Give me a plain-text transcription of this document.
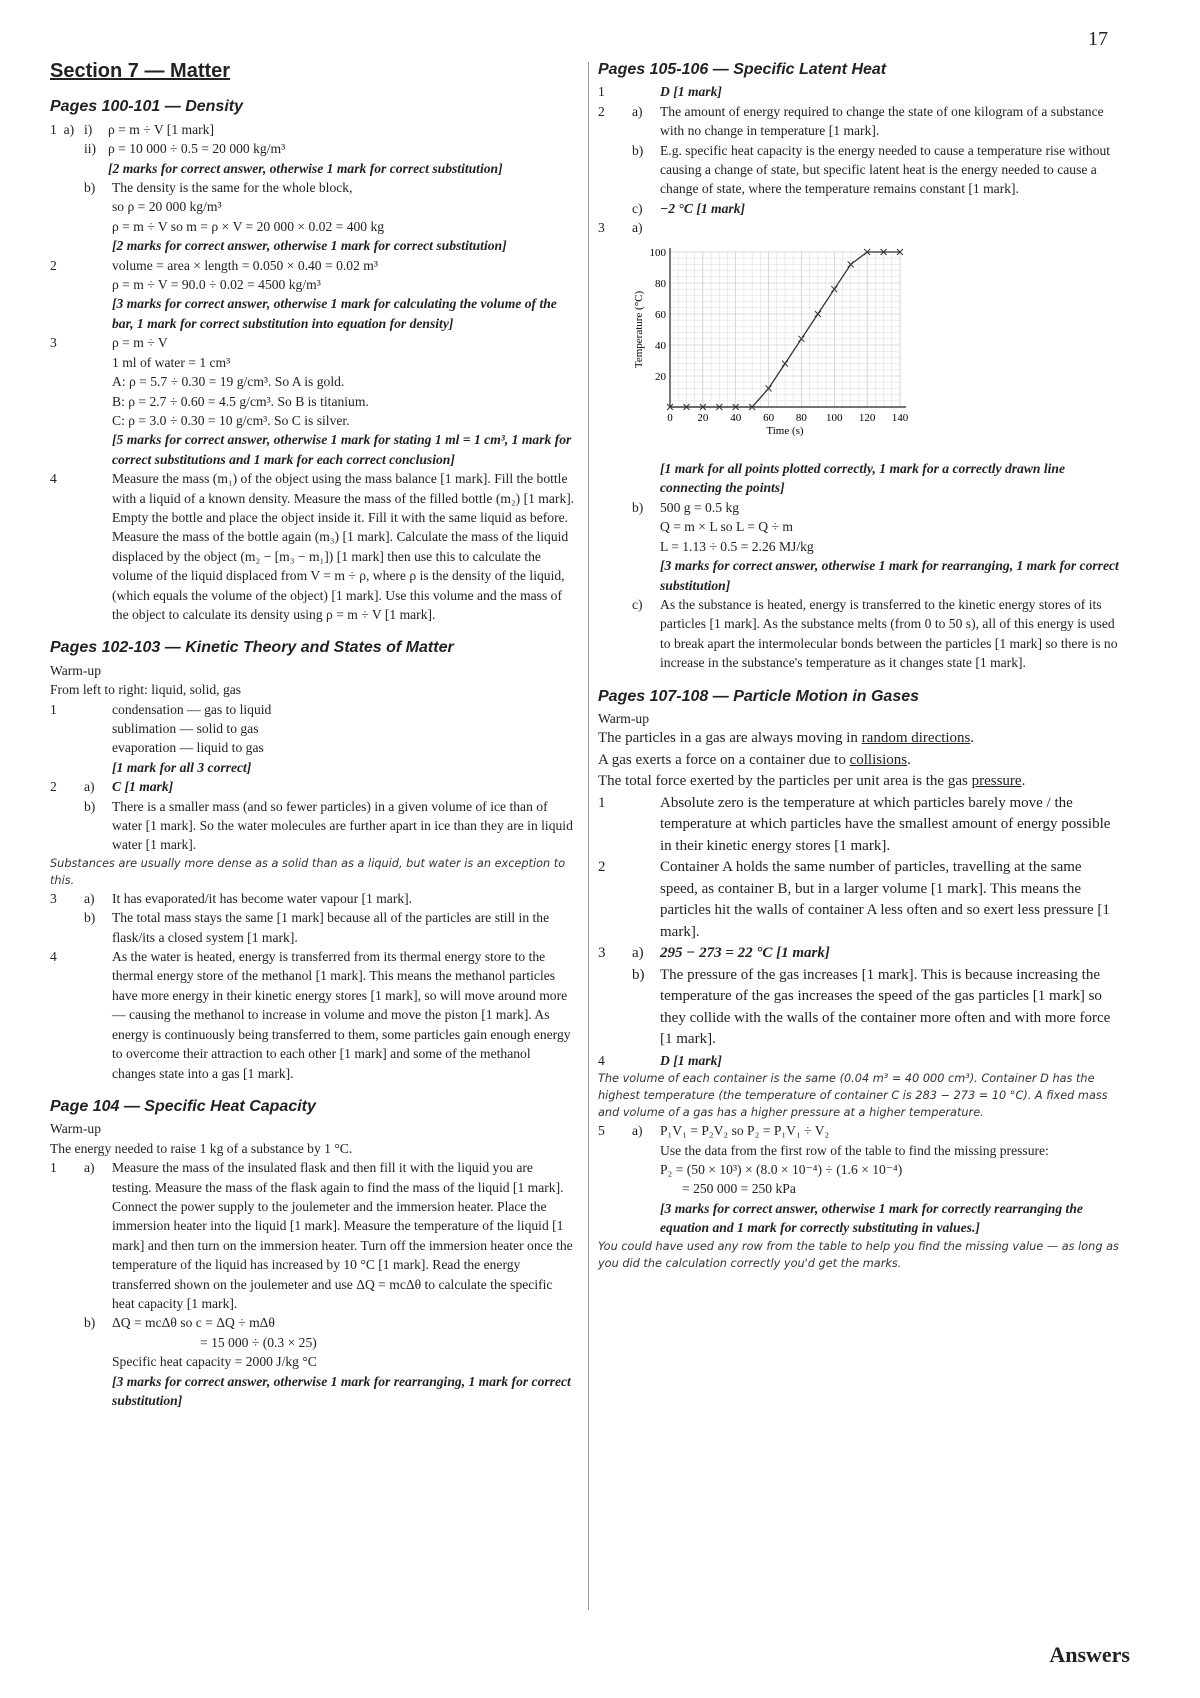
17
Section 7 — Matter
Pages 100-101 — Density
1 a) i)	ρ = m ÷ V [1 mark]
ii) ρ = 10 000 ÷ 0.5 = 20 000 kg/m³
[2 marks for correct answer, otherwise 1 mark for correct substitution]
b)	The density is the same for the whole block,
so ρ = 20 000 kg/m³
ρ = m ÷ V so m = ρ × V = 20 000 × 0.02 = 400 kg
[2 marks for correct answer, otherwise 1 mark for correct substitution]
2	volume = area × length = 0.050 × 0.40 = 0.02 m³
ρ = m ÷ V = 90.0 ÷ 0.02 = 4500 kg/m³
[3 marks for correct answer, otherwise 1 mark for calculating the volume of the bar, 1 mark for correct substitution into equation for density]
3	ρ = m ÷ V
1 ml of water = 1 cm³
A: ρ = 5.7 ÷ 0.30 = 19 g/cm³. So A is gold.
B: ρ = 2.7 ÷ 0.60 = 4.5 g/cm³. So B is titanium.
C: ρ = 3.0 ÷ 0.30 = 10 g/cm³. So C is silver.
[5 marks for correct answer, otherwise 1 mark for stating 1 ml = 1 cm³, 1 mark for correct substitutions and 1 mark for each correct conclusion]
4	Measure the mass (m₁) of the object using the mass balance [1 mark]. Fill the bottle with a liquid of a known density. Measure the mass of the filled bottle (m₂) [1 mark]. Empty the bottle and place the object inside it. Fill it with the same liquid as before. Measure the mass of the bottle again (m₃) [1 mark]. Calculate the mass of the liquid displaced by the object (m₂ − [m₃ − m₁]) [1 mark] then use this to calculate the volume of the liquid displaced from V = m ÷ ρ, where ρ is the density of the liquid, (which equals the volume of the object) [1 mark]. Use this volume and the mass of the object to calculate its density using ρ = m ÷ V [1 mark].
Pages 102-103 — Kinetic Theory and States of Matter
Warm-up
From left to right: liquid, solid, gas
1	condensation — gas to liquid
sublimation — solid to gas
evaporation — liquid to gas
[1 mark for all 3 correct]
2	a)	C [1 mark]
b)	There is a smaller mass (and so fewer particles) in a given volume of ice than of water [1 mark]. So the water molecules are further apart in ice than they are in liquid water [1 mark].
Substances are usually more dense as a solid than as a liquid, but water is an exception to this.
3	a)	It has evaporated/it has become water vapour [1 mark].
b)	The total mass stays the same [1 mark] because all of the particles are still in the flask/its a closed system [1 mark].
4	As the water is heated, energy is transferred from its thermal energy store to the thermal energy store of the methanol [1 mark]. This means the methanol particles have more energy in their kinetic energy stores [1 mark], so will move around more — causing the methanol to increase in volume and move the piston [1 mark]. As energy is continuously being transferred to them, some particles gain enough energy to overcome their attraction to each other [1 mark] and some of the methanol changes state into a gas [1 mark].
Page 104 — Specific Heat Capacity
Warm-up
The energy needed to raise 1 kg of a substance by 1 °C.
1	a)	Measure the mass of the insulated flask and then fill it with the liquid you are testing. Measure the mass of the flask again to find the mass of the liquid [1 mark]. Connect the power supply to the joulemeter and the immersion heater. Place the immersion heater into the liquid [1 mark]. Measure the temperature of the liquid [1 mark] and then turn on the immersion heater. Turn off the immersion heater once the temperature of the liquid has increased by 10 °C [1 mark]. Read the energy transferred shown on the joulemeter and use ΔQ = mcΔθ to calculate the specific heat capacity [1 mark].
b)	ΔQ = mcΔθ so c = ΔQ ÷ mΔθ
= 15 000 ÷ (0.3 × 25)
Specific heat capacity = 2000 J/kg °C
[3 marks for correct answer, otherwise 1 mark for rearranging, 1 mark for correct substitution]
Pages 105-106 — Specific Latent Heat
1	D [1 mark]
2	a)	The amount of energy required to change the state of one kilogram of a substance with no change in temperature [1 mark].
b)	E.g. specific heat capacity is the energy needed to cause a temperature rise without causing a change of state, but specific latent heat is the energy needed to cause a change of state, where the temperature remains constant [1 mark].
c)	−2 °C [1 mark]
3	a)
0 20 40 60 80 100 120 140
20
40
60
80
100
Time (s)
Temperature (°C)
[1 mark for all points plotted correctly, 1 mark for a correctly drawn line connecting the points]
b)	500 g = 0.5 kg
Q = m × L so L = Q ÷ m
L = 1.13 ÷ 0.5 = 2.26 MJ/kg
[3 marks for correct answer, otherwise 1 mark for rearranging, 1 mark for correct substitution]
c)	As the substance is heated, energy is transferred to the kinetic energy stores of its particles [1 mark]. As the substance melts (from 0 to 50 s), all of this energy is used to break apart the intermolecular bonds between the particles [1 mark] so there is no increase in the substance's temperature as it changes state [1 mark].
Pages 107-108 — Particle Motion in Gases
Warm-up
The particles in a gas are always moving in random directions.
A gas exerts a force on a container due to collisions.
The total force exerted by the particles per unit area is the gas pressure.
1	Absolute zero is the temperature at which particles barely move / the temperature at which particles have the smallest amount of energy possible in their kinetic energy stores [1 mark].
2	Container A holds the same number of particles, travelling at the same speed, as container B, but in a larger volume [1 mark]. This means the particles hit the walls of container A less often and so exert less pressure [1 mark].
3	a)	295 − 273 = 22 °C [1 mark]
b)	The pressure of the gas increases [1 mark]. This is because increasing the temperature of the gas increases the speed of the gas particles [1 mark] so they collide with the walls of the container more often and with more force [1 mark].
4	D [1 mark]
The volume of each container is the same (0.04 m³ = 40 000 cm³). Container D has the highest temperature (the temperature of container C is 283 − 273 = 10 °C). A fixed mass and volume of a gas has a higher pressure at a higher temperature.
5	a)	P₁V₁ = P₂V₂ so P₂ = P₁V₁ ÷ V₂
Use the data from the first row of the table to find the missing pressure:
P₂ = (50 × 10³) × (8.0 × 10⁻⁴) ÷ (1.6 × 10⁻⁴)
= 250 000 = 250 kPa
[3 marks for correct answer, otherwise 1 mark for correctly rearranging the equation and 1 mark for correctly substituting in values.]
You could have used any row from the table to help you find the missing value — as long as you did the calculation correctly you'd get the marks.
Answers
